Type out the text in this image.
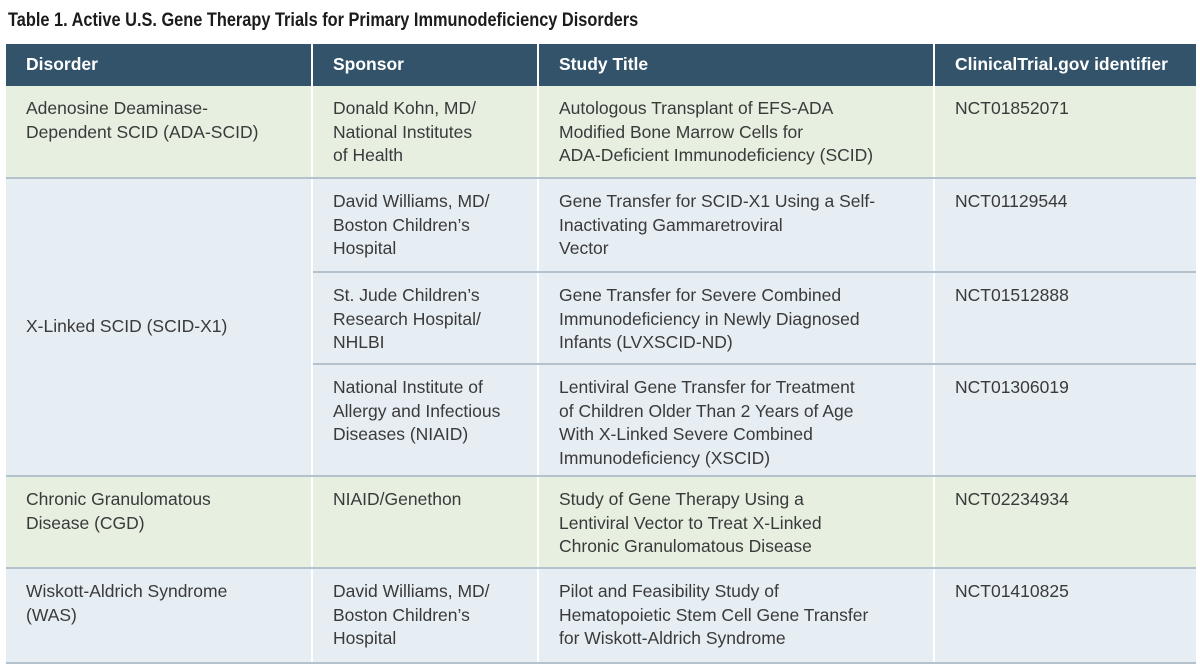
Table 1. Active U.S. Gene Therapy Trials for Primary Immunodeficiency Disorders
Disorder	Sponsor	Study Title	ClinicalTrial.gov identifier

Adenosine Deaminase-
Dependent SCID (ADA-SCID)	Donald Kohn, MD/
National Institutes
of Health	Autologous Transplant of EFS-ADA
Modified Bone Marrow Cells for
ADA-Deficient Immunodeficiency (SCID)	NCT01852071

X-Linked SCID (SCID-X1)	David Williams, MD/
Boston Children’s
Hospital	Gene Transfer for SCID-X1 Using a Self-
Inactivating Gammaretroviral
Vector	NCT01129544

	St. Jude Children’s
Research Hospital/
NHLBI	Gene Transfer for Severe Combined
Immunodeficiency in Newly Diagnosed
Infants (LVXSCID-ND)	NCT01512888

	National Institute of
Allergy and Infectious
Diseases (NIAID)	Lentiviral Gene Transfer for Treatment
of Children Older Than 2 Years of Age
With X-Linked Severe Combined
Immunodeficiency (XSCID)	NCT01306019

Chronic Granulomatous
Disease (CGD)	NIAID/Genethon	Study of Gene Therapy Using a
Lentiviral Vector to Treat X-Linked
Chronic Granulomatous Disease	NCT02234934

Wiskott-Aldrich Syndrome
(WAS)	David Williams, MD/
Boston Children’s
Hospital	Pilot and Feasibility Study of
Hematopoietic Stem Cell Gene Transfer
for Wiskott-Aldrich Syndrome	NCT01410825
